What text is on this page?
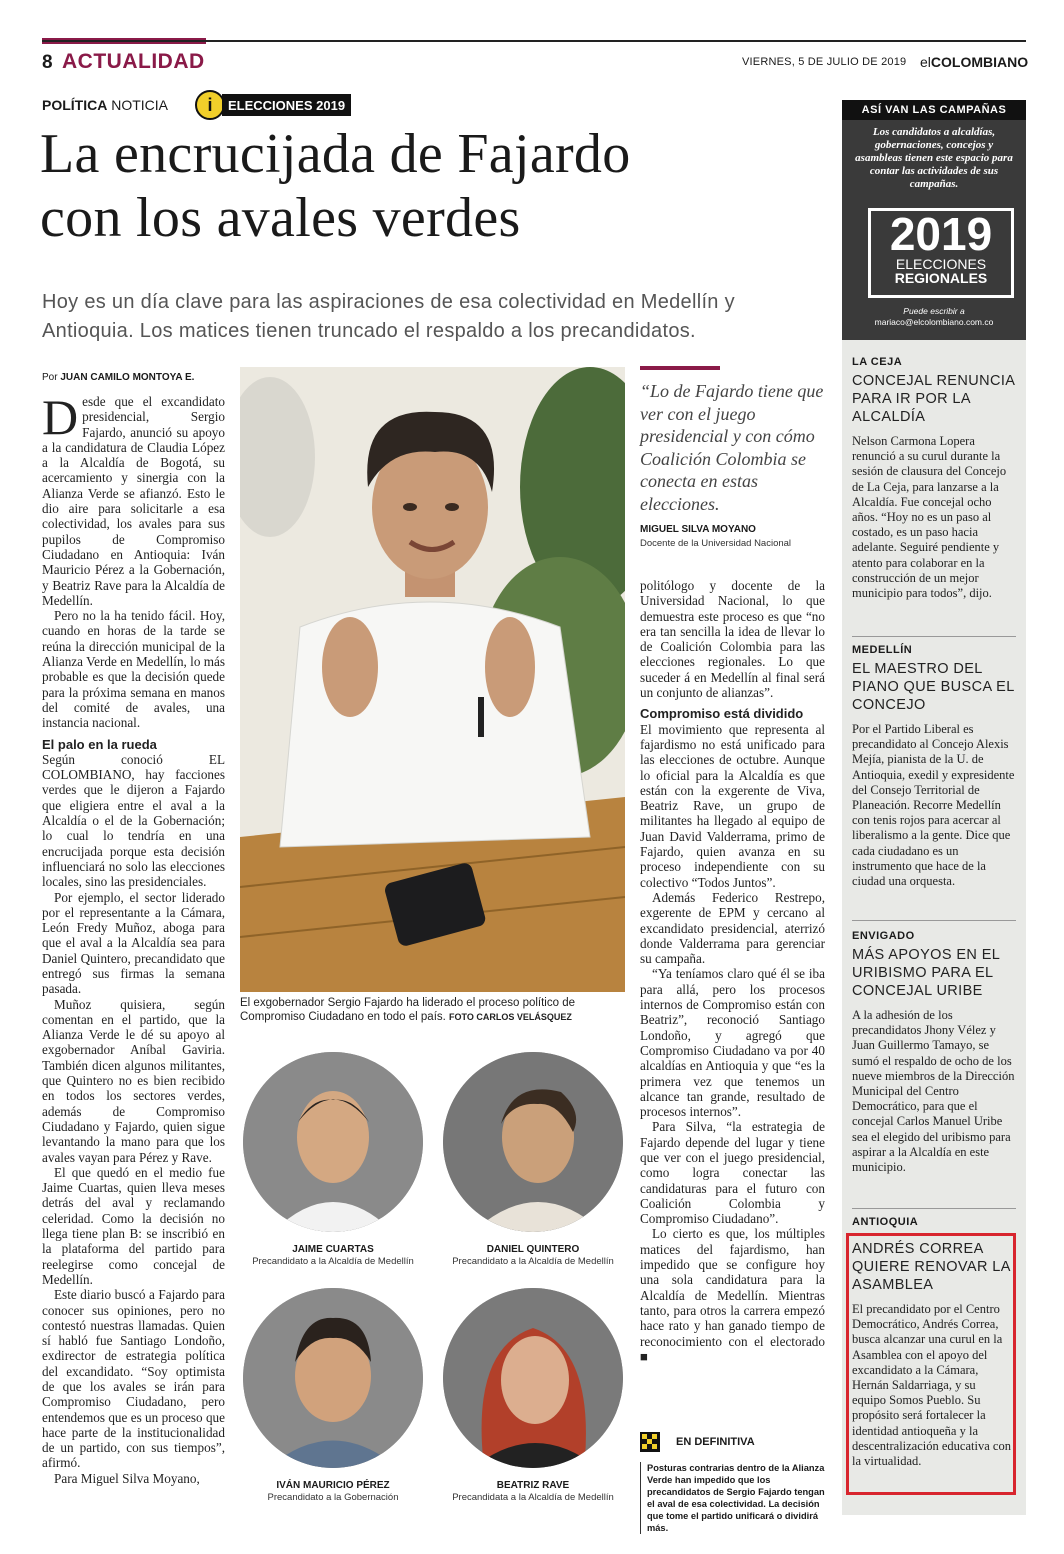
8 ACTUALIDAD	VIERNES, 5 DE JULIO DE 2019 elCOLOMBIANO
POLÍTICA NOTICIA	i	ELECCIONES 2019
La encrucijada de Fajardo
con los avales verdes
Hoy es un día clave para las aspiraciones de esa colectividad en Medellín y
Antioquia. Los matices tienen truncado el respaldo a los precandidatos.
Por JUAN CAMILO MONTOYA E.

Desde que el excandidato presidencial, Sergio Fajardo, anunció su apoyo a la candidatura de Claudia López a la Alcaldía de Bogotá, su acercamiento y sinergia con la Alianza Verde se afianzó. Esto le dio aire para solicitarle a esa colectividad, los avales para sus pupilos de Compromiso Ciudadano en Antioquia: Iván Mauricio Pérez a la Gobernación, y Beatriz Rave para la Alcaldía de Medellín.

Pero no la ha tenido fácil. Hoy, cuando en horas de la tarde se reúna la dirección municipal de la Alianza Verde en Medellín, lo más probable es que la decisión quede para la próxima semana en manos del comité de avales, una instancia nacional.

El palo en la rueda

Según conoció EL COLOMBIANO, hay facciones verdes que le dijeron a Fajardo que eligiera entre el aval a la Alcaldía o el de la Gobernación; lo cual lo tendría en una encrucijada porque esta decisión influenciará no solo las elecciones locales, sino las presidenciales.

Por ejemplo, el sector liderado por el representante a la Cámara, León Fredy Muñoz, aboga para que el aval a la Alcaldía sea para Daniel Quintero, precandidato que entregó sus firmas la semana pasada.

Muñoz quisiera, según comentan en el partido, que la Alianza Verde le dé su apoyo al exgobernador Aníbal Gaviria. También dicen algunos militantes, que Quintero no es bien recibido en todos los sectores verdes, además de Compromiso Ciudadano y Fajardo, quien sigue levantando la mano para que los avales vayan para Pérez y Rave.

El que quedó en el medio fue Jaime Cuartas, quien lleva meses detrás del aval y reclamando celeridad. Como la decisión no llega tiene plan B: se inscribió en la plataforma del partido para reelegirse como concejal de Medellín.

Este diario buscó a Fajardo para conocer sus opiniones, pero no contestó nuestras llamadas. Quien sí habló fue Santiago Londoño, exdirector de estrategia política del excandidato. “Soy optimista de que los avales se irán para Compromiso Ciudadano, pero entendemos que es un proceso que hace parte de la institucionalidad de un partido, con sus tiempos”, afirmó.

Para Miguel Silva Moyano,

El exgobernador Sergio Fajardo ha liderado el proceso político de Compromiso Ciudadano en todo el país. FOTO CARLOS VELÁSQUEZ
JAIME CUARTAS
Precandidato a la Alcaldía de Medellín
DANIEL QUINTERO
Precandidato a la Alcaldía de Medellín
IVÁN MAURICIO PÉREZ
Precandidato a la Gobernación
BEATRIZ RAVE
Precandidata a la Alcaldía de Medellín
“Lo de Fajardo tiene que ver con el juego presidencial y con cómo Coalición Colombia se conecta en estas elecciones.
MIGUEL SILVA MOYANO
Docente de la Universidad Nacional

politólogo y docente de la Universidad Nacional, lo que demuestra este proceso es que “no era tan sencilla la idea de llevar lo de Coalición Colombia para las elecciones regionales. Lo que suceder á en Medellín al final será un conjunto de alianzas”.

Compromiso está dividido

El movimiento que representa al fajardismo no está unificado para las elecciones de octubre. Aunque lo oficial para la Alcaldía es que están con la exgerente de Viva, Beatriz Rave, un grupo de militantes ha llegado al equipo de Juan David Valderrama, primo de Fajardo, quien avanza en su proceso independiente con su colectivo “Todos Juntos”.

Además Federico Restrepo, exgerente de EPM y cercano al excandidato presidencial, aterrizó donde Valderrama para gerenciar su campaña.

“Ya teníamos claro qué él se iba para allá, pero los procesos internos de Compromiso están con Beatriz”, reconoció Santiago Londoño, y agregó que Compromiso Ciudadano va por 40 alcaldías en Antioquia y que “es la primera vez que tenemos un alcance tan grande, resultado de procesos internos”.

Para Silva, “la estrategia de Fajardo depende del lugar y tiene que ver con el juego presidencial, como logra conectar las candidaturas para el futuro con Coalición Colombia y Compromiso Ciudadano”.

Lo cierto es que, los múltiples matices del fajardismo, han impedido que se configure hoy una sola candidatura para la Alcaldía de Medellín. Mientras tanto, para otros la carrera empezó hace rato y han ganado tiempo de reconocimiento con el electorado ■

EN DEFINITIVA
Posturas contrarias dentro de la Alianza Verde han impedido que los precandidatos de Sergio Fajardo tengan el aval de esa colectividad. La decisión que tome el partido unificará o dividirá más.
ASÍ VAN LAS CAMPAÑAS
Los candidatos a alcaldías, gobernaciones, concejos y asambleas tienen este espacio para contar las actividades de sus campañas.
2019
ELECCIONES
REGIONALES
Puede escribir a
mariaco@elcolombiano.com.co
LA CEJA
CONCEJAL RENUNCIA PARA IR POR LA ALCALDÍA
Nelson Carmona Lopera renunció a su curul durante la sesión de clausura del Concejo de La Ceja, para lanzarse a la Alcaldía. Fue concejal ocho años. “Hoy no es un paso al costado, es un paso hacia adelante. Seguiré pendiente y atento para colaborar en la construcción de un mejor municipio para todos”, dijo.
MEDELLÍN
EL MAESTRO DEL PIANO QUE BUSCA EL CONCEJO
Por el Partido Liberal es precandidato al Concejo Alexis Mejía, pianista de la U. de Antioquia, exedil y expresidente del Consejo Territorial de Planeación. Recorre Medellín con tenis rojos para acercar al liberalismo a la gente. Dice que cada ciudadano es un instrumento que hace de la ciudad una orquesta.
ENVIGADO
MÁS APOYOS EN EL URIBISMO PARA EL CONCEJAL URIBE
A la adhesión de los precandidatos Jhony Vélez y Juan Guillermo Tamayo, se sumó el respaldo de ocho de los nueve miembros de la Dirección Municipal del Centro Democrático, para que el concejal Carlos Manuel Uribe sea el elegido del uribismo para aspirar a la Alcaldía en este municipio.
ANTIOQUIA
ANDRÉS CORREA QUIERE RENOVAR LA ASAMBLEA
El precandidato por el Centro Democrático, Andrés Correa, busca alcanzar una curul en la Asamblea con el apoyo del excandidato a la Cámara, Hernán Saldarriaga, y su equipo Somos Pueblo. Su propósito será fortalecer la identidad antioqueña y la descentralización educativa con la virtualidad.
